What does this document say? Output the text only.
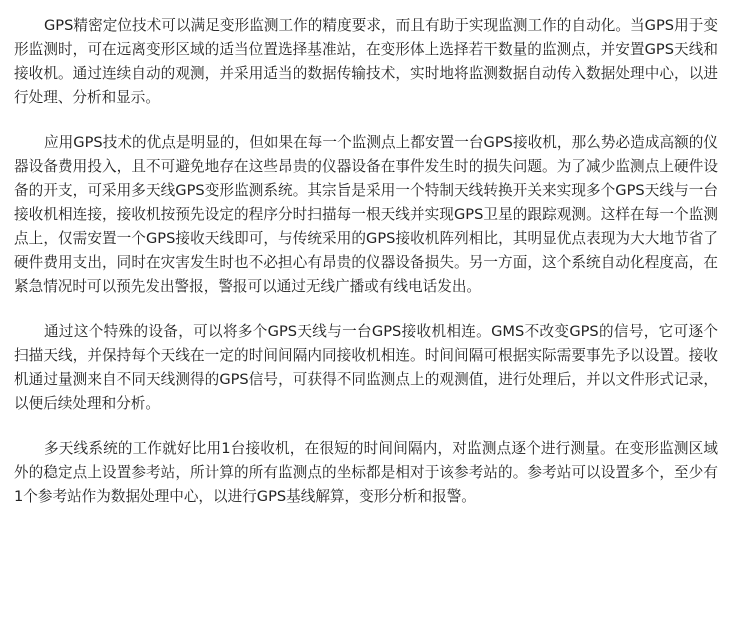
GPS精密定位技术可以满足变形监测工作的精度要求，而且有助于实现监测工作的自动化。当GPS用于变形监测时，可在远离变形区域的适当位置选择基准站，在变形体上选择若干数量的监测点，并安置GPS天线和接收机。通过连续自动的观测，并采用适当的数据传输技术，实时地将监测数据自动传入数据处理中心，以进行处理、分析和显示。

应用GPS技术的优点是明显的，但如果在每一个监测点上都安置一台GPS接收机，那么势必造成高额的仪器设备费用投入，且不可避免地存在这些昂贵的仪器设备在事件发生时的损失问题。为了减少监测点上硬件设备的开支，可采用多天线GPS变形监测系统。其宗旨是采用一个特制天线转换开关来实现多个GPS天线与一台接收机相连接，接收机按预先设定的程序分时扫描每一根天线并实现GPS卫星的跟踪观测。这样在每一个监测点上，仅需安置一个GPS接收天线即可，与传统采用的GPS接收机阵列相比，其明显优点表现为大大地节省了硬件费用支出，同时在灾害发生时也不必担心有昂贵的仪器设备损失。另一方面，这个系统自动化程度高，在紧急情况时可以预先发出警报，警报可以通过无线广播或有线电话发出。

通过这个特殊的设备，可以将多个GPS天线与一台GPS接收机相连。GMS不改变GPS的信号，它可逐个扫描天线，并保持每个天线在一定的时间间隔内同接收机相连。时间间隔可根据实际需要事先予以设置。接收机通过量测来自不同天线测得的GPS信号，可获得不同监测点上的观测值，进行处理后，并以文件形式记录，以便后续处理和分析。

多天线系统的工作就好比用1台接收机，在很短的时间间隔内，对监测点逐个进行测量。在变形监测区域外的稳定点上设置参考站，所计算的所有监测点的坐标都是相对于该参考站的。参考站可以设置多个，至少有1个参考站作为数据处理中心，以进行GPS基线解算，变形分析和报警。
